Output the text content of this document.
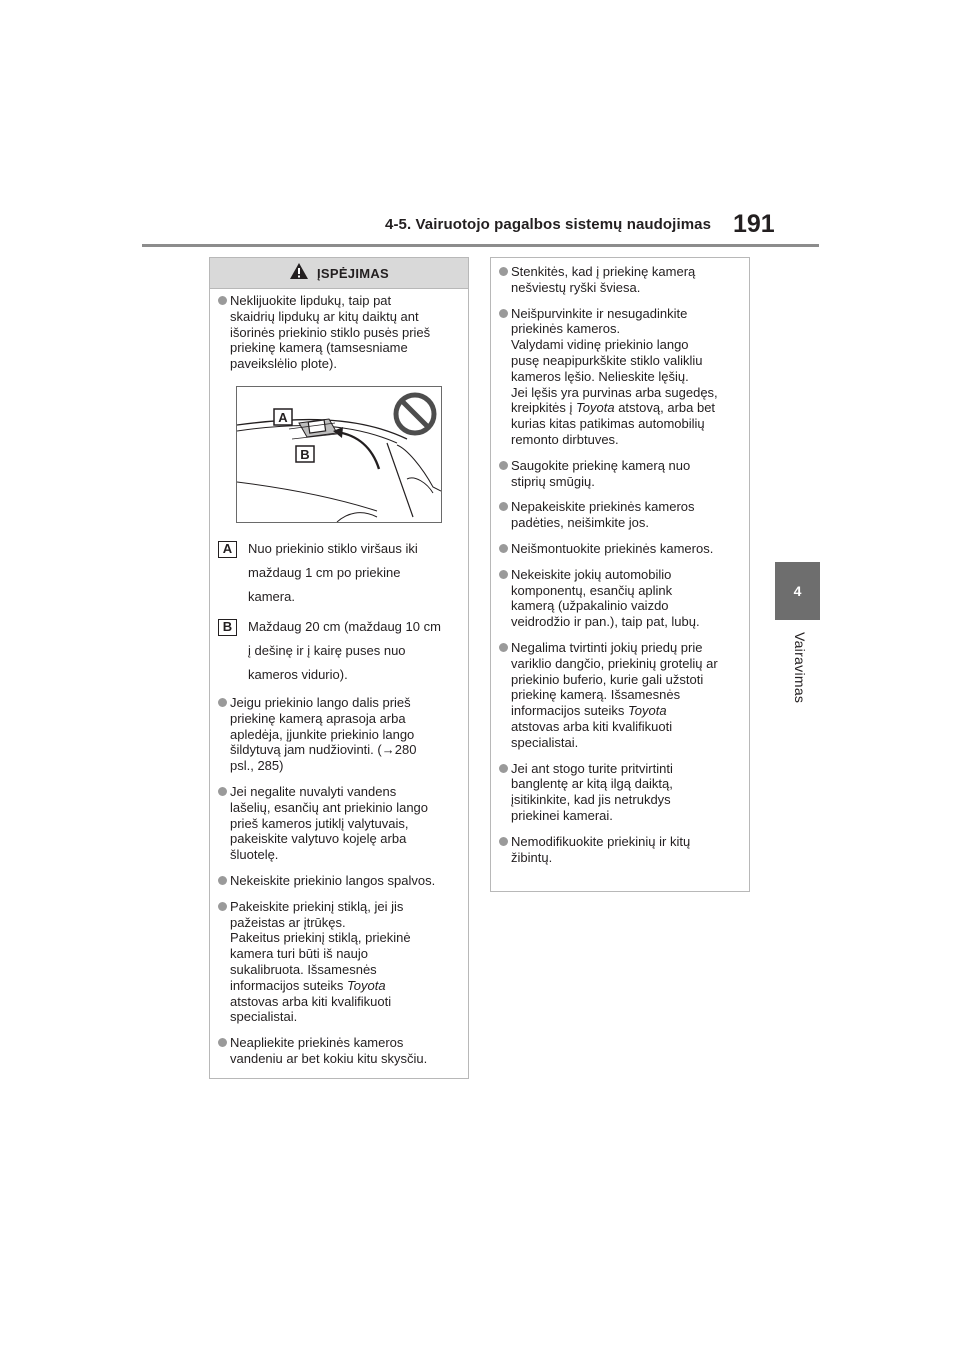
4-5. Vairuotojo pagalbos sistemų naudojimas 191
4
Vairavimas
ĮSPĖJIMAS
Neklijuokite lipdukų, taip pat
skaidrių lipdukų ar kitų daiktų ant
išorinės priekinio stiklo pusės prieš
priekinę kamerą (tamsesniame
paveikslėlio plote).
A
B
A	Nuo priekinio stiklo viršaus iki
maždaug 1 cm po priekine
kamera.
B	Maždaug 20 cm (maždaug 10 cm
į dešinę ir į kairę puses nuo
kameros vidurio).
Jeigu priekinio lango dalis prieš
priekinę kamerą aprasoja arba
apledėja, įjunkite priekinio lango
šildytuvą jam nudžiovinti. (→280
psl., 285)
Jei negalite nuvalyti vandens
lašelių, esančių ant priekinio lango
prieš kameros jutiklį valytuvais,
pakeiskite valytuvo kojelę arba
šluotelę.
Nekeiskite priekinio langos spalvos.
Pakeiskite priekinį stiklą, jei jis
pažeistas ar įtrūkęs.
Pakeitus priekinį stiklą, priekinė
kamera turi būti iš naujo
sukalibruota. Išsamesnės
informacijos suteiks Toyota
atstovas arba kiti kvalifikuoti
specialistai.
Neapliekite priekinės kameros
vandeniu ar bet kokiu kitu skysčiu.
Stenkitės, kad į priekinę kamerą
nešviestų ryški šviesa.
Neišpurvinkite ir nesugadinkite
priekinės kameros.
Valydami vidinę priekinio lango
pusę neapipurkškite stiklo valikliu
kameros lęšio. Nelieskite lęšių.
Jei lęšis yra purvinas arba sugedęs,
kreipkitės į Toyota atstovą, arba bet
kurias kitas patikimas automobilių
remonto dirbtuves.
Saugokite priekinę kamerą nuo
stiprių smūgių.
Nepakeiskite priekinės kameros
padėties, neišimkite jos.
Neišmontuokite priekinės kameros.
Nekeiskite jokių automobilio
komponentų, esančių aplink
kamerą (užpakalinio vaizdo
veidrodžio ir pan.), taip pat, lubų.
Negalima tvirtinti jokių priedų prie
variklio dangčio, priekinių grotelių ar
priekinio buferio, kurie gali užstoti
priekinę kamerą. Išsamesnės
informacijos suteiks Toyota
atstovas arba kiti kvalifikuoti
specialistai.
Jei ant stogo turite pritvirtinti
banglentę ar kitą ilgą daiktą,
įsitikinkite, kad jis netrukdys
priekinei kamerai.
Nemodifikuokite priekinių ir kitų
žibintų.
